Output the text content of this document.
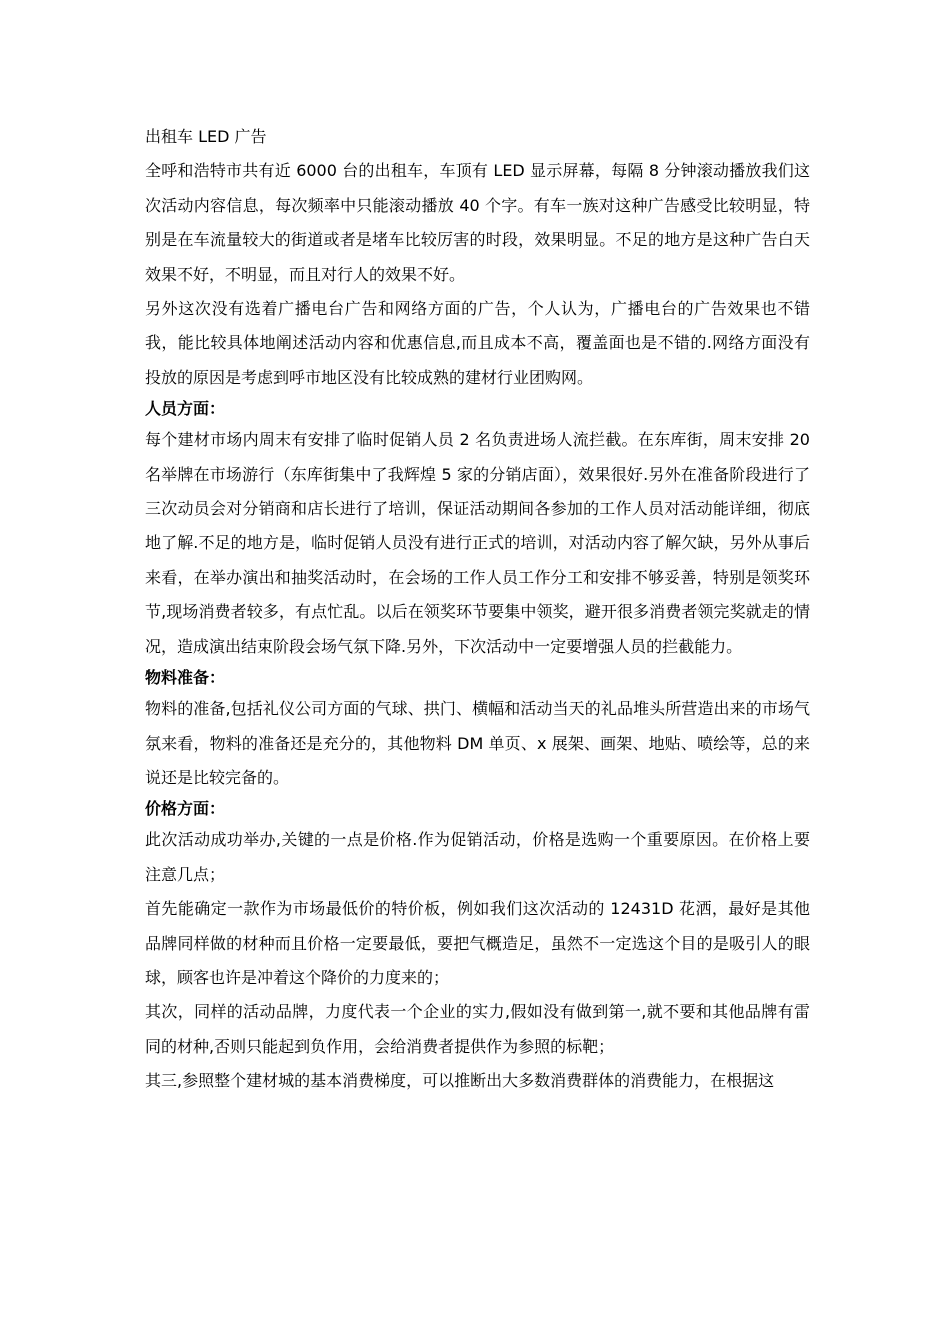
出租车 LED 广告

全呼和浩特市共有近 6000 台的出租车，车顶有 LED 显示屏幕，每隔 8 分钟滚动播放我们这次活动内容信息，每次频率中只能滚动播放 40 个字。有车一族对这种广告感受比较明显，特别是在车流量较大的街道或者是堵车比较厉害的时段，效果明显。不足的地方是这种广告白天效果不好，不明显，而且对行人的效果不好。

另外这次没有选着广播电台广告和网络方面的广告，个人认为，广播电台的广告效果也不错我，能比较具体地阐述活动内容和优惠信息,而且成本不高，覆盖面也是不错的.网络方面没有投放的原因是考虑到呼市地区没有比较成熟的建材行业团购网。

人员方面：

每个建材市场内周末有安排了临时促销人员 2 名负责进场人流拦截。在东库街，周末安排 20 名举牌在市场游行（东库街集中了我辉煌 5 家的分销店面），效果很好.另外在准备阶段进行了三次动员会对分销商和店长进行了培训，保证活动期间各参加的工作人员对活动能详细，彻底地了解.不足的地方是，临时促销人员没有进行正式的培训，对活动内容了解欠缺，另外从事后来看，在举办演出和抽奖活动时，在会场的工作人员工作分工和安排不够妥善，特别是领奖环节,现场消费者较多，有点忙乱。以后在领奖环节要集中领奖，避开很多消费者领完奖就走的情况，造成演出结束阶段会场气氛下降.另外，下次活动中一定要增强人员的拦截能力。

物料准备：

物料的准备,包括礼仪公司方面的气球、拱门、横幅和活动当天的礼品堆头所营造出来的市场气氛来看，物料的准备还是充分的，其他物料 DM 单页、x 展架、画架、地贴、喷绘等，总的来说还是比较完备的。

价格方面：

此次活动成功举办,关键的一点是价格.作为促销活动，价格是选购一个重要原因。在价格上要注意几点；

首先能确定一款作为市场最低价的特价板，例如我们这次活动的 12431D 花洒，最好是其他品牌同样做的材种而且价格一定要最低，要把气概造足，虽然不一定选这个目的是吸引人的眼球，顾客也许是冲着这个降价的力度来的；

其次，同样的活动品牌，力度代表一个企业的实力,假如没有做到第一,就不要和其他品牌有雷同的材种,否则只能起到负作用，会给消费者提供作为参照的标靶；

其三,参照整个建材城的基本消费梯度，可以推断出大多数消费群体的消费能力，在根据这
